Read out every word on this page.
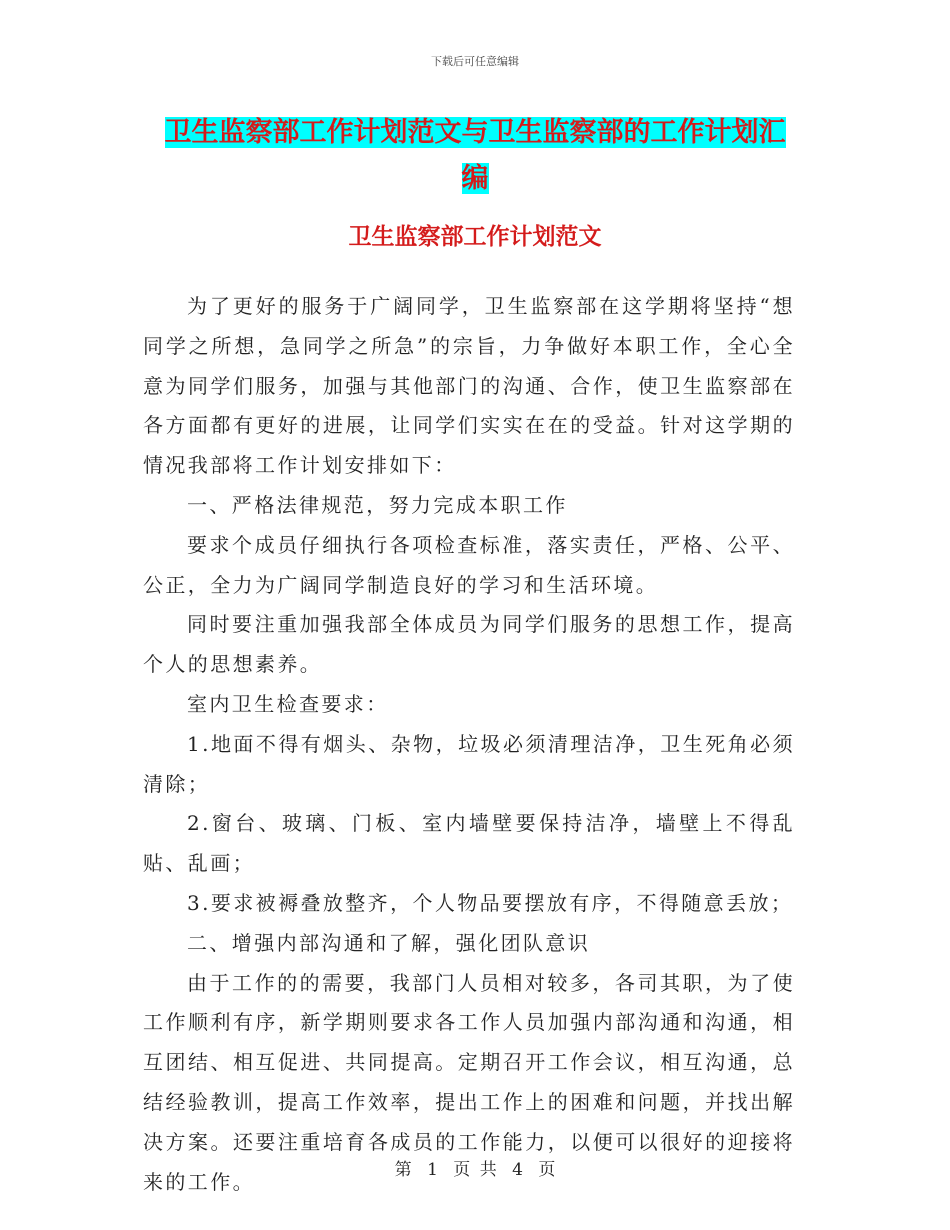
下载后可任意编辑
卫生监察部工作计划范文与卫生监察部的工作计划汇
编
卫生监察部工作计划范文

为了更好的服务于广阔同学，卫生监察部在这学期将坚持“想同学之所想，急同学之所急”的宗旨，力争做好本职工作，全心全意为同学们服务，加强与其他部门的沟通、合作，使卫生监察部在各方面都有更好的进展，让同学们实实在在的受益。针对这学期的情况我部将工作计划安排如下：

一、严格法律规范，努力完成本职工作

要求个成员仔细执行各项检查标准，落实责任，严格、公平、公正，全力为广阔同学制造良好的学习和生活环境。

同时要注重加强我部全体成员为同学们服务的思想工作，提高个人的思想素养。

室内卫生检查要求：

1.地面不得有烟头、杂物，垃圾必须清理洁净，卫生死角必须清除；

2.窗台、玻璃、门板、室内墙壁要保持洁净，墙壁上不得乱贴、乱画；

3.要求被褥叠放整齐，个人物品要摆放有序，不得随意丢放；

二、增强内部沟通和了解，强化团队意识

由于工作的的需要，我部门人员相对较多，各司其职，为了使工作顺利有序，新学期则要求各工作人员加强内部沟通和沟通，相互团结、相互促进、共同提高。定期召开工作会议，相互沟通，总结经验教训，提高工作效率，提出工作上的困难和问题，并找出解决方案。还要注重培育各成员的工作能力，以便可以很好的迎接将来的工作。	第 1 页 共 4 页
